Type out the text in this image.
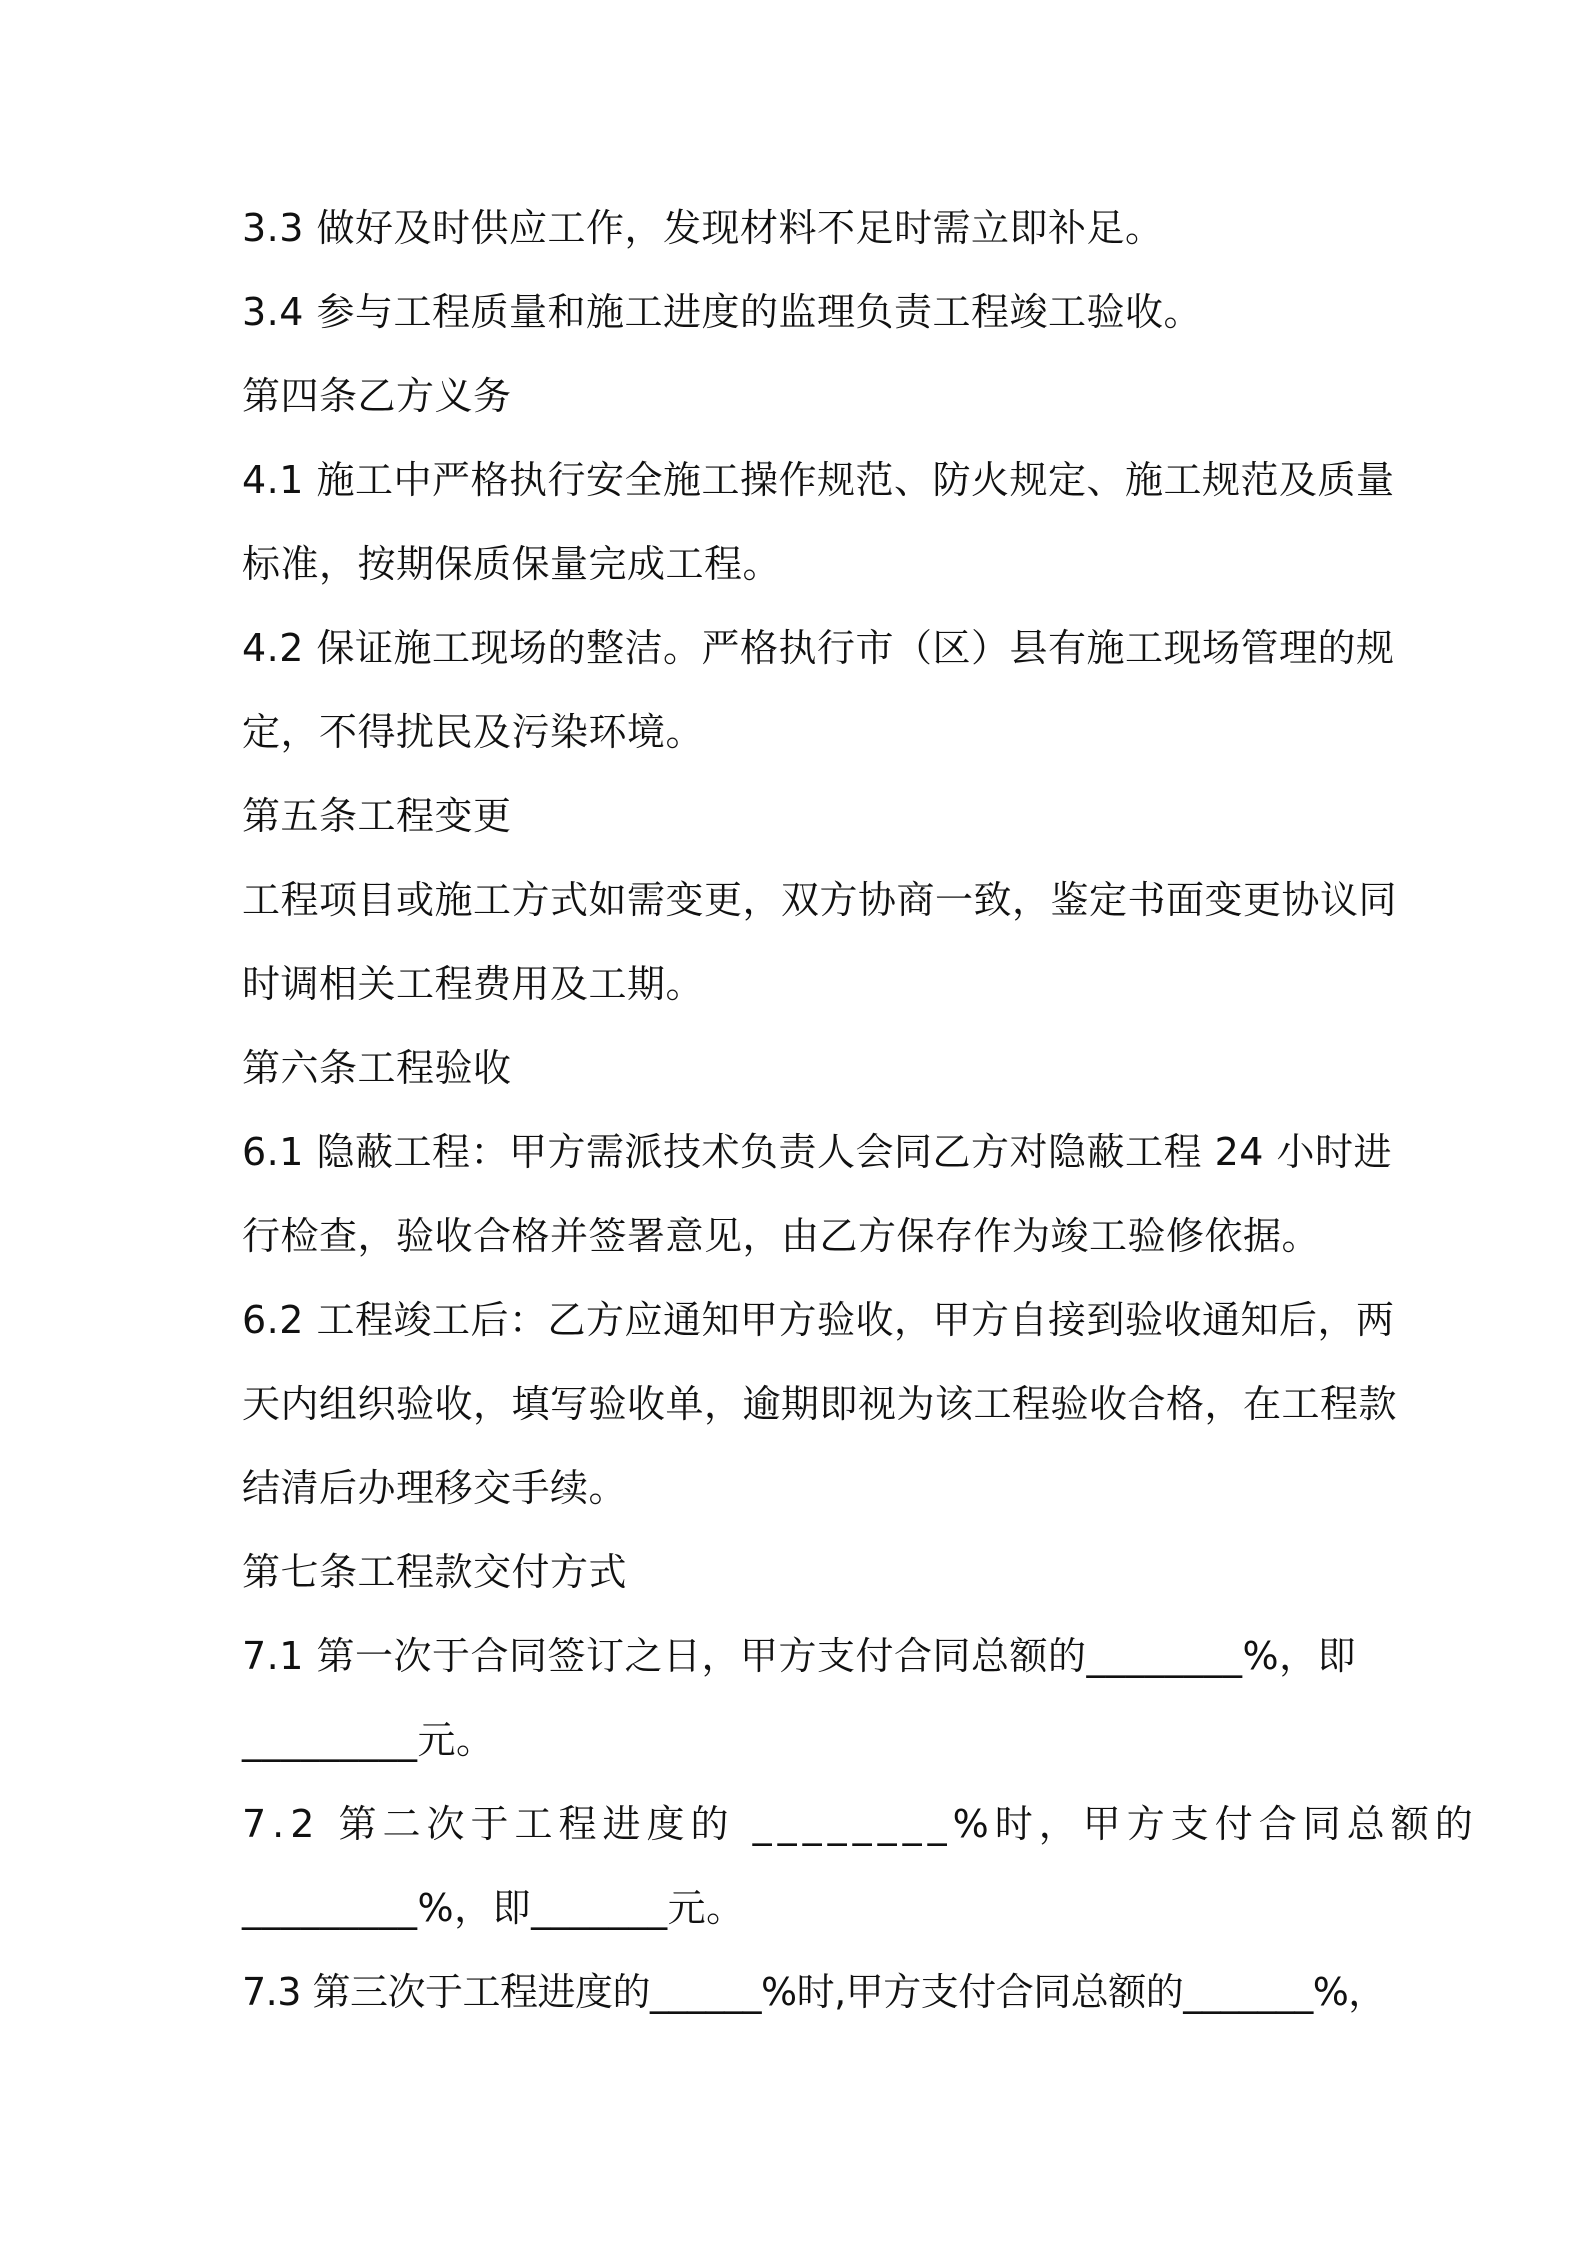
3.3 做好及时供应工作，发现材料不足时需立即补足。
3.4 参与工程质量和施工进度的监理负责工程竣工验收。
第四条乙方义务
4.1 施工中严格执行安全施工操作规范、防火规定、施工规范及质量
标准，按期保质保量完成工程。
4.2 保证施工现场的整洁。严格执行市（区）县有施工现场管理的规
定，不得扰民及污染环境。
第五条工程变更
工程项目或施工方式如需变更，双方协商一致，鉴定书面变更协议同
时调相关工程费用及工期。
第六条工程验收
6.1 隐蔽工程：甲方需派技术负责人会同乙方对隐蔽工程 24 小时进
行检查，验收合格并签署意见，由乙方保存作为竣工验修依据。
6.2 工程竣工后：乙方应通知甲方验收，甲方自接到验收通知后，两
天内组织验收，填写验收单，逾期即视为该工程验收合格，在工程款
结清后办理移交手续。
第七条工程款交付方式
7.1 第一次于合同签订之日，甲方支付合同总额的________%，即
_________元。
7.2 第二次于工程进度的 ________%时，甲方支付合同总额的
_________%，即_______元。
7.3 第三次于工程进度的______%时,甲方支付合同总额的_______%，
